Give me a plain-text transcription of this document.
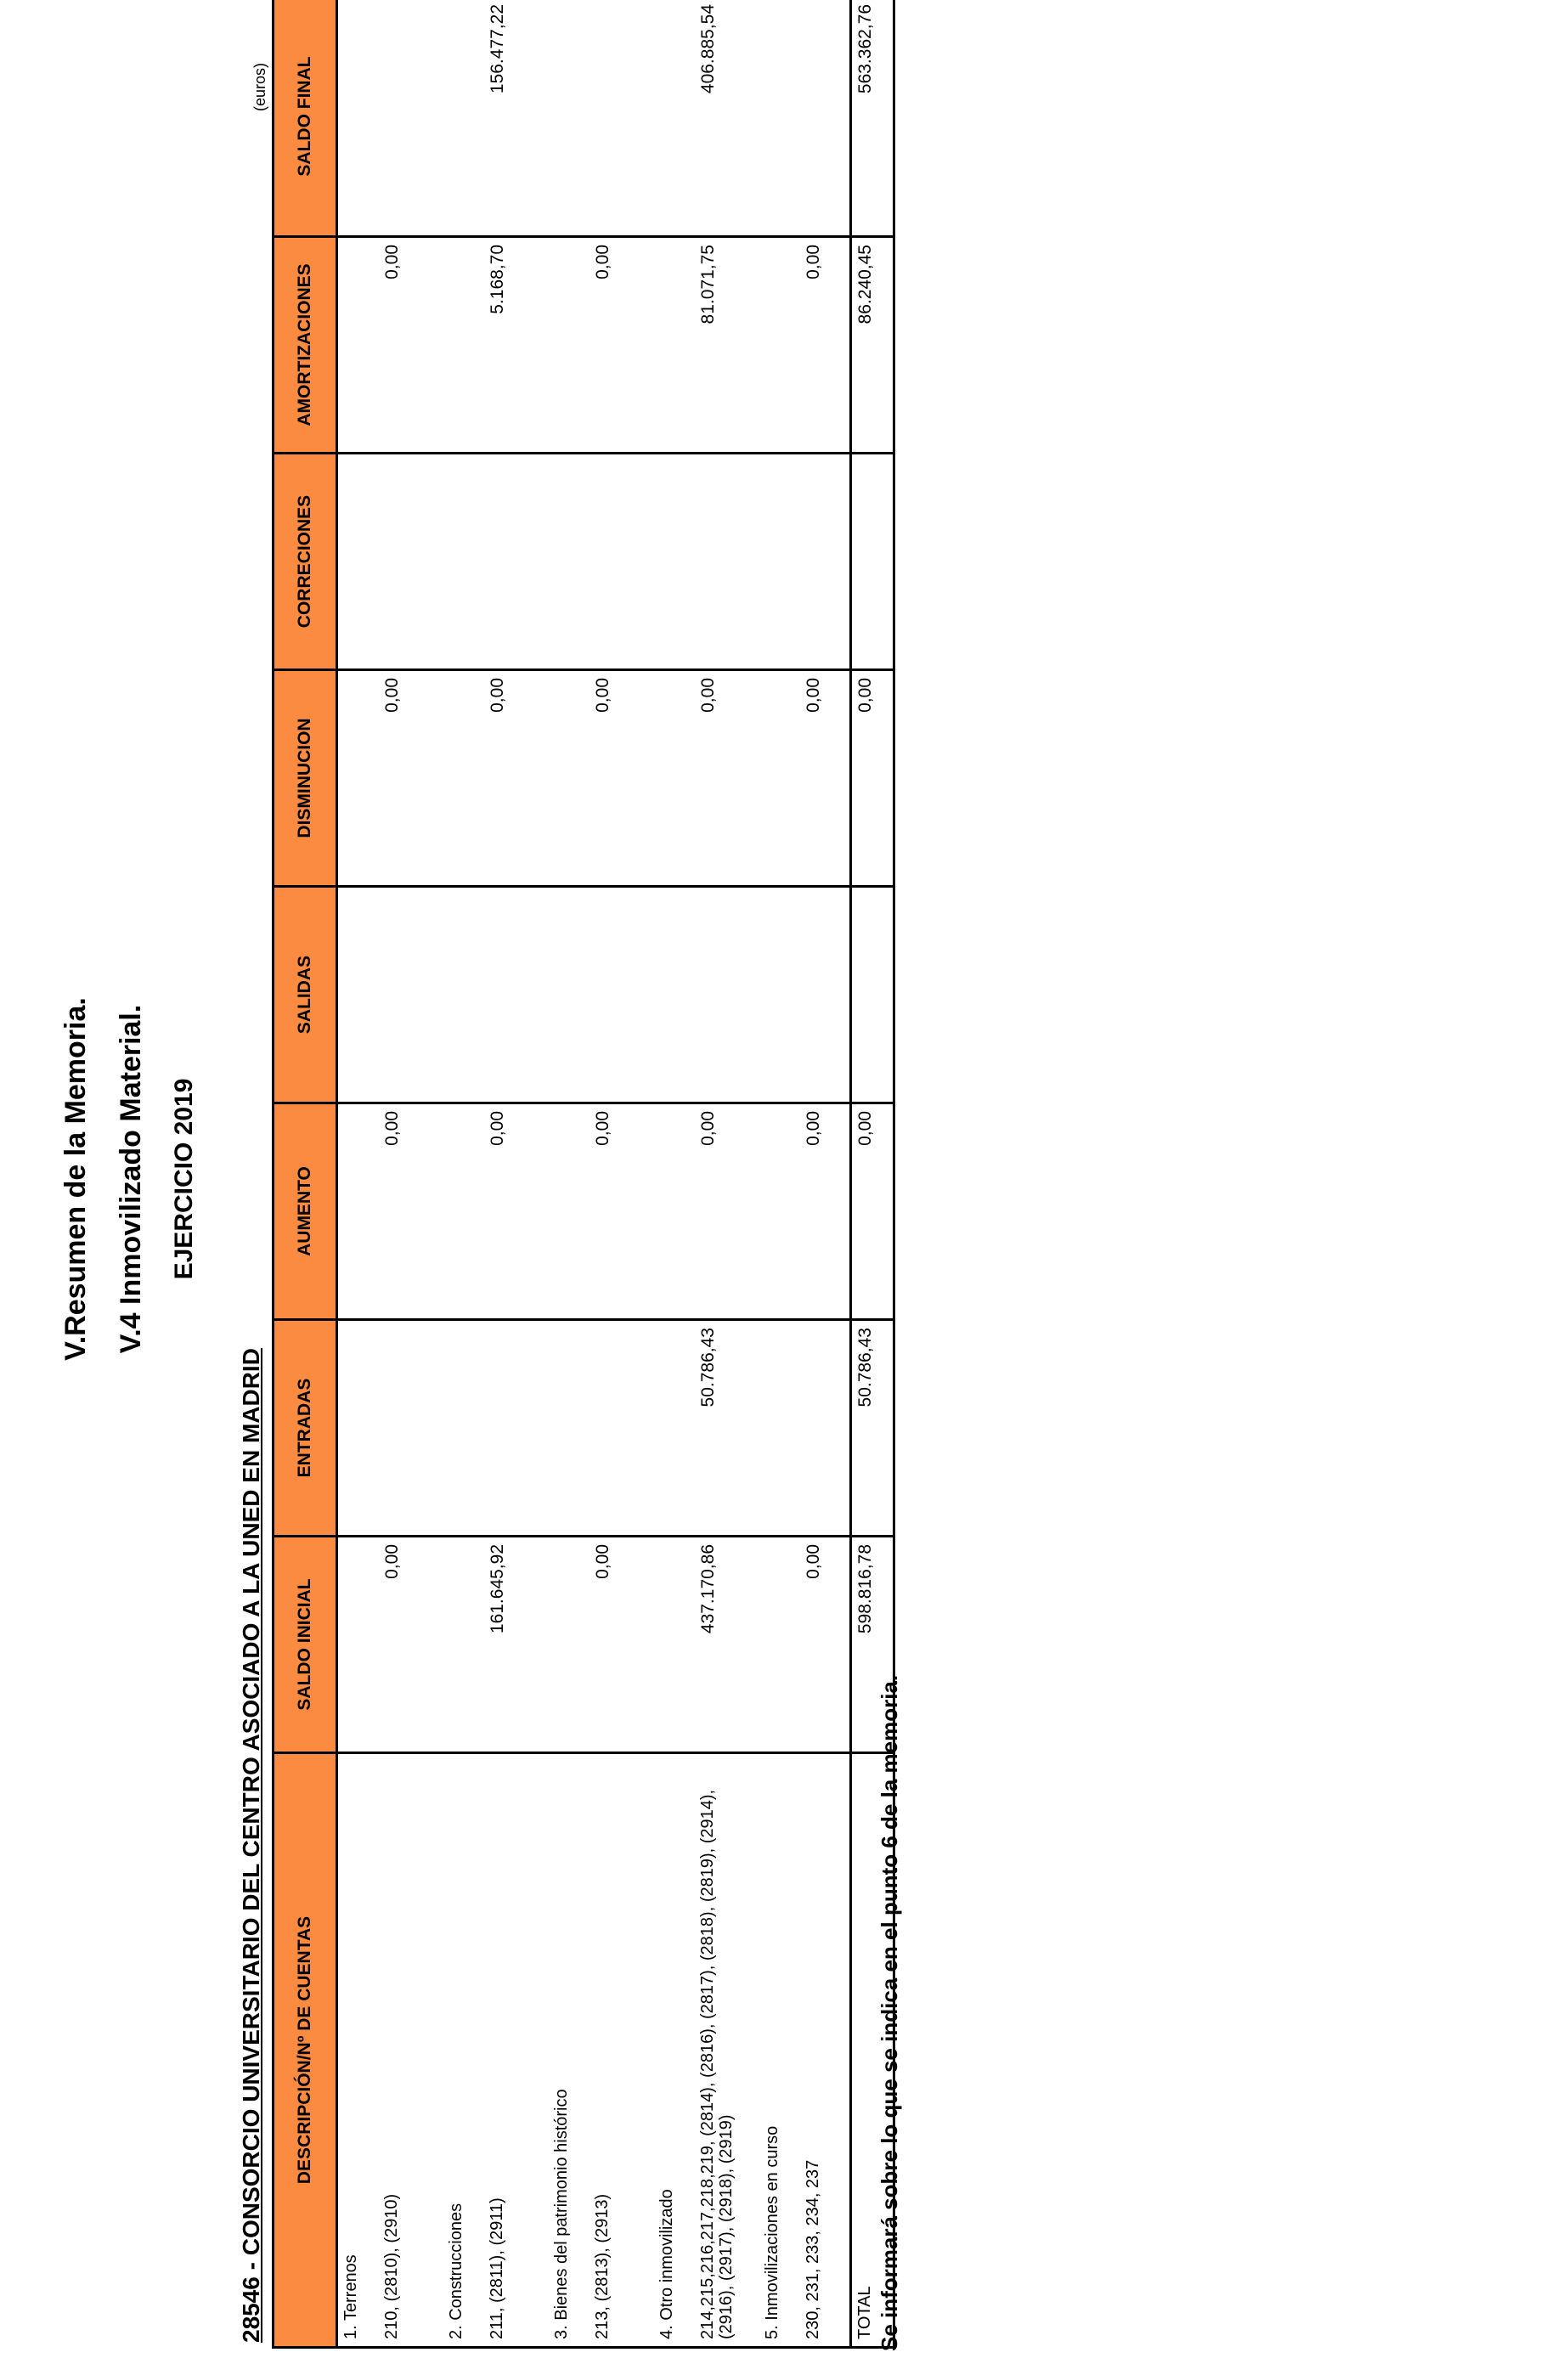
V.Resumen de la Memoria. V.4 Inmovilizado Material. EJERCICIO 2019
28546 - CONSORCIO UNIVERSITARIO DEL CENTRO ASOCIADO A LA UNED EN MADRID
(euros)
DESCRIPCIÓN/Nº DE CUENTAS	SALDO INICIAL	ENTRADAS	AUMENTO	SALIDAS	DISMINUCION	CORRECIONES	AMORTIZACIONES	SALDO FINAL
1. Terrenos								
210, (2810), (2910)	0,00		0,00		0,00		0,00	
2. Construcciones								
211, (2811), (2911)	161.645,92		0,00		0,00		5.168,70	156.477,22
3. Bienes del patrimonio histórico								
213, (2813), (2913)	0,00		0,00		0,00		0,00	
4. Otro inmovilizado								
214,215,216,217,218,219, (2814), (2816), (2817), (2818), (2819), (2914), (2916), (2917), (2918), (2919)	437.170,86	50.786,43	0,00		0,00		81.071,75	406.885,54
5. Inmovilizaciones en curso								
230, 231, 233, 234, 237	0,00		0,00		0,00		0,00	
TOTAL	598.816,78	50.786,43	0,00		0,00		86.240,45	563.362,76
Se informará sobre lo que se indica en el punto 6 de la memoria.
